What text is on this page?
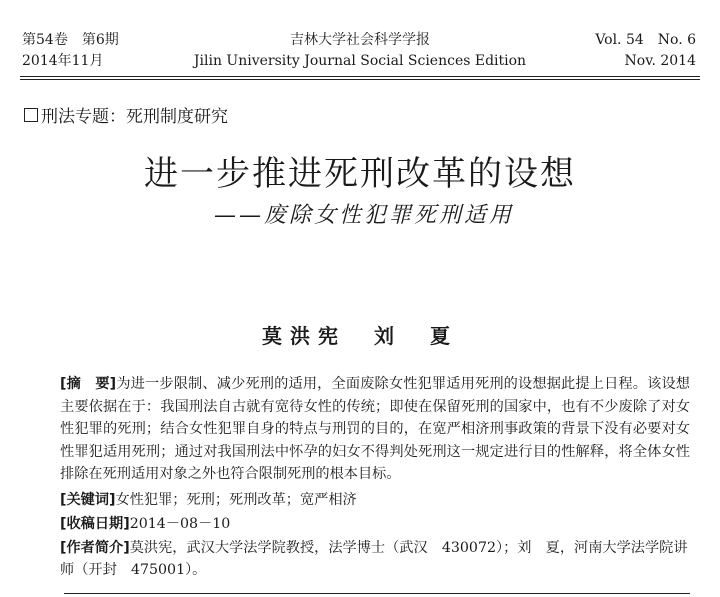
第54卷　第6期
2014年11月
吉林大学社会科学学报
Jilin University Journal Social Sciences Edition
Vol. 54　No. 6
Nov. 2014
刑法专题：死刑制度研究
进一步推进死刑改革的设想
——废除女性犯罪死刑适用
莫洪宪　刘　夏
[摘　要]为进一步限制、减少死刑的适用，全面废除女性犯罪适用死刑的设想据此提上日程。该设想主要依据在于：我国刑法自古就有宽待女性的传统；即使在保留死刑的国家中，也有不少废除了对女性犯罪的死刑；结合女性犯罪自身的特点与刑罚的目的，在宽严相济刑事政策的背景下没有必要对女性罪犯适用死刑；通过对我国刑法中怀孕的妇女不得判处死刑这一规定进行目的性解释，将全体女性排除在死刑适用对象之外也符合限制死刑的根本目标。
[关键词]女性犯罪；死刑；死刑改革；宽严相济
[收稿日期]2014－08－10
[作者简介]莫洪宪，武汉大学法学院教授，法学博士（武汉　430072）；刘　夏，河南大学法学院讲师（开封　475001）。
